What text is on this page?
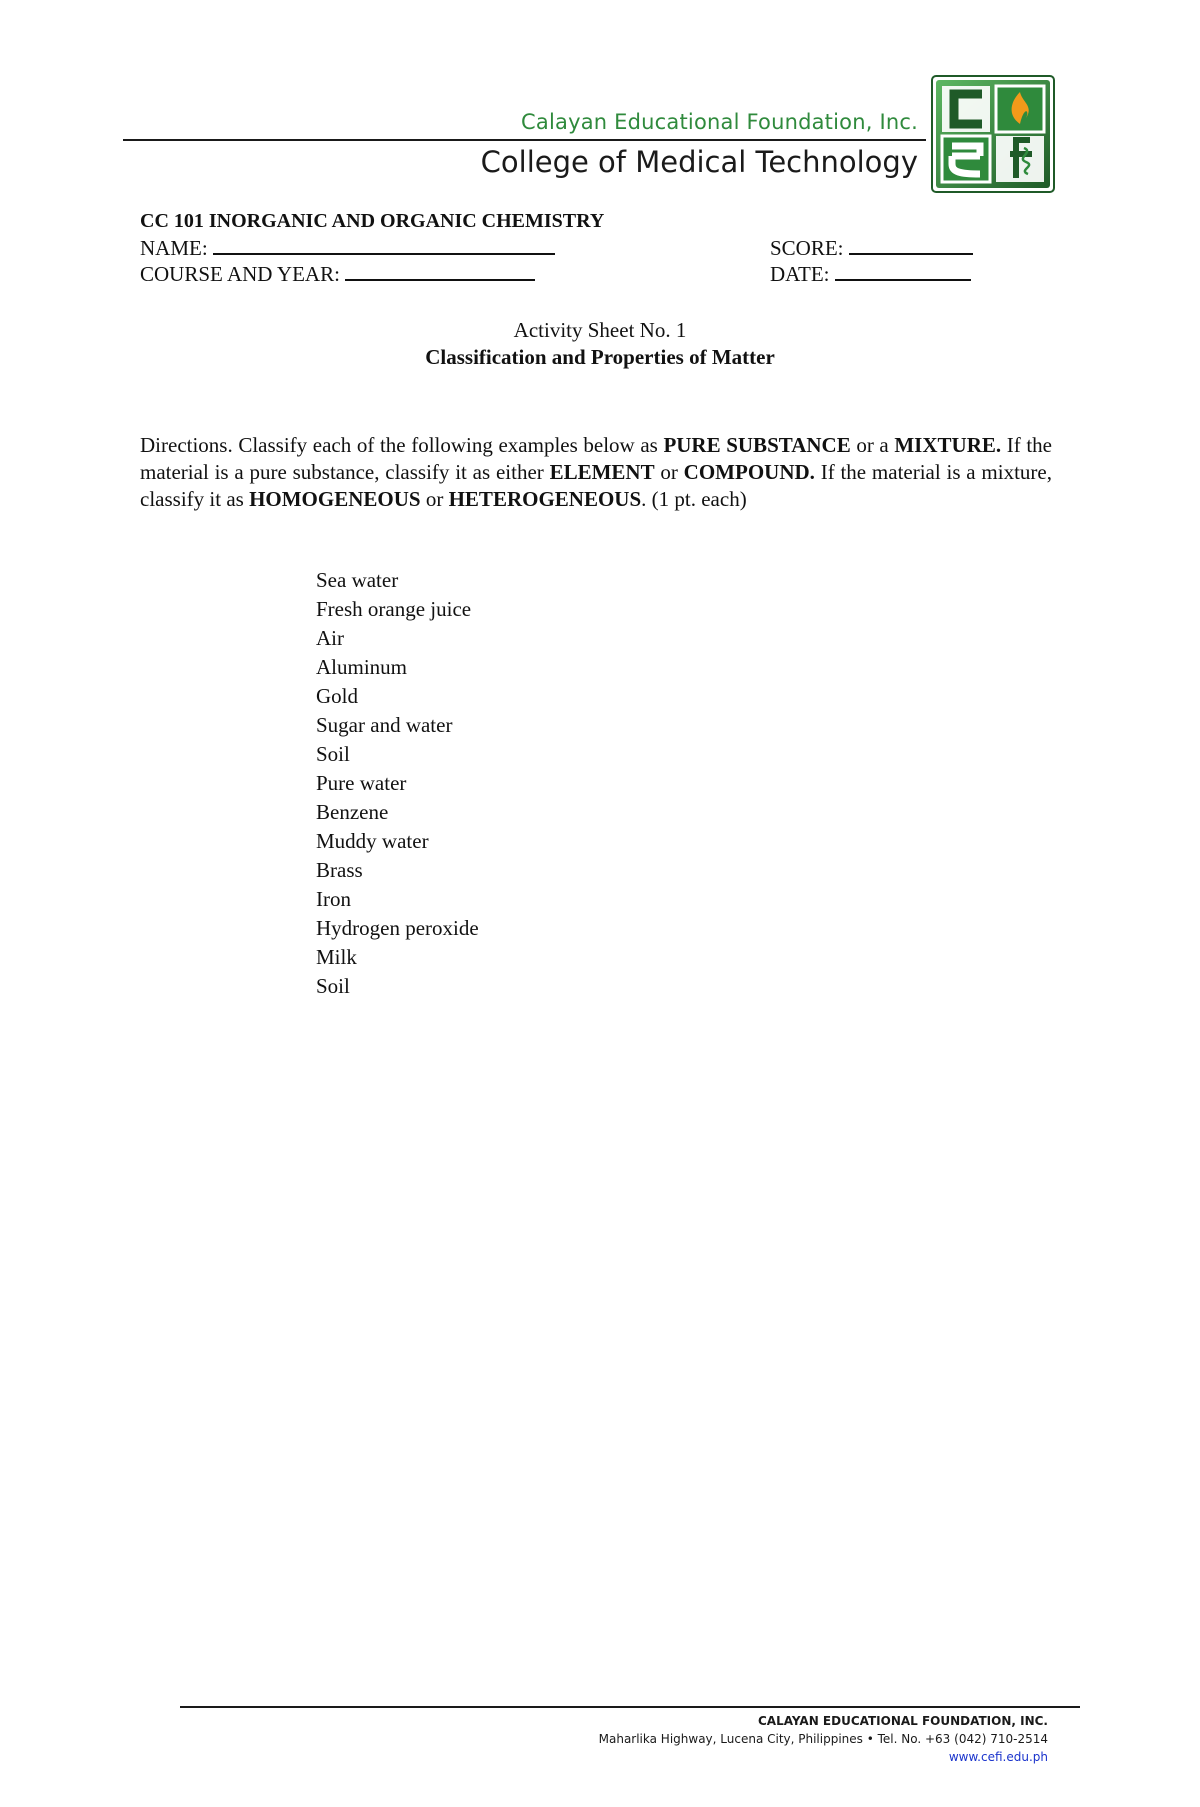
Calayan Educational Foundation, Inc.
College of Medical Technology
CC 101 INORGANIC AND ORGANIC CHEMISTRY
NAME:
COURSE AND YEAR:
SCORE:
DATE:
Activity Sheet No. 1
Classification and Properties of Matter
Directions. Classify each of the following examples below as PURE SUBSTANCE or a MIXTURE. If the material is a pure substance, classify it as either ELEMENT or COMPOUND. If the material is a mixture, classify it as HOMOGENEOUS or HETEROGENEOUS. (1 pt. each)
Sea water
Fresh orange juice
Air
Aluminum
Gold
Sugar and water
Soil
Pure water
Benzene
Muddy water
Brass
Iron
Hydrogen peroxide
Milk
Soil
CALAYAN EDUCATIONAL FOUNDATION, INC.
Maharlika Highway, Lucena City, Philippines • Tel. No. +63 (042) 710-2514
www.cefi.edu.ph
